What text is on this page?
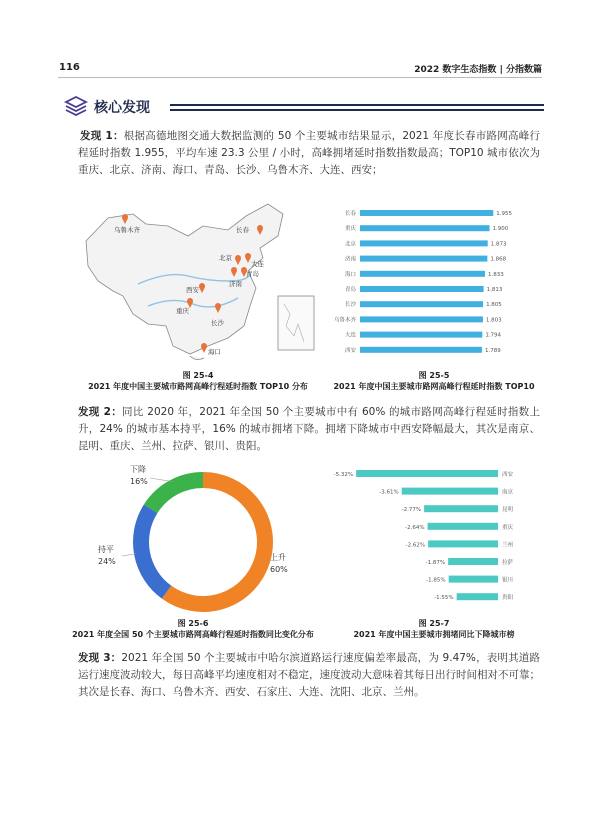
116	2022 数字生态指数 | 分指数篇
核心发现
发现 1：根据高德地图交通大数据监测的 50 个主要城市结果显示，2021 年度长春市路网高峰行程延时指数 1.955，平均车速 23.3 公里 / 小时，高峰拥堵延时指数指数最高；TOP10 城市依次为重庆、北京、济南、海口、青岛、长沙、乌鲁木齐、大连、西安；
乌鲁木齐	长春
北京
大连
济南
青岛
西安
重庆
长沙
海口
图 25-4
2021 年度中国主要城市路网高峰行程延时指数 TOP10 分布
长春	1.955
重庆	1.900
北京	1.873
济南	1.868
海口	1.833
青岛	1.813
长沙	1.805
乌鲁木齐	1.803
大连	1.794
西安	1.789
图 25-5
2021 年度中国主要城市路网高峰行程延时指数 TOP10
发现 2：同比 2020 年，2021 年全国 50 个主要城市中有 60% 的城市路网高峰行程延时指数上升，24% 的城市基本持平，16% 的城市拥堵下降。拥堵下降城市中西安降幅最大，其次是南京、昆明、重庆、兰州、拉萨、银川、贵阳。
上升
60%
持平
24%
下降
16%
图 25-6
2021 年度全国 50 个主要城市路网高峰行程延时指数同比变化分布
-5.32%	西安
-3.61%	南京
-2.77%	昆明
-2.64%	重庆
-2.62%	兰州
-1.87%	拉萨
-1.85%	银川
-1.55%	贵阳
图 25-7
2021 年度中国主要城市拥堵同比下降城市榜
发现 3：2021 年全国 50 个主要城市中哈尔滨道路运行速度偏差率最高，为 9.47%，表明其道路运行速度波动较大，每日高峰平均速度相对不稳定，速度波动大意味着其每日出行时间相对不可靠；其次是长春、海口、乌鲁木齐、西安、石家庄、大连、沈阳、北京、兰州。
